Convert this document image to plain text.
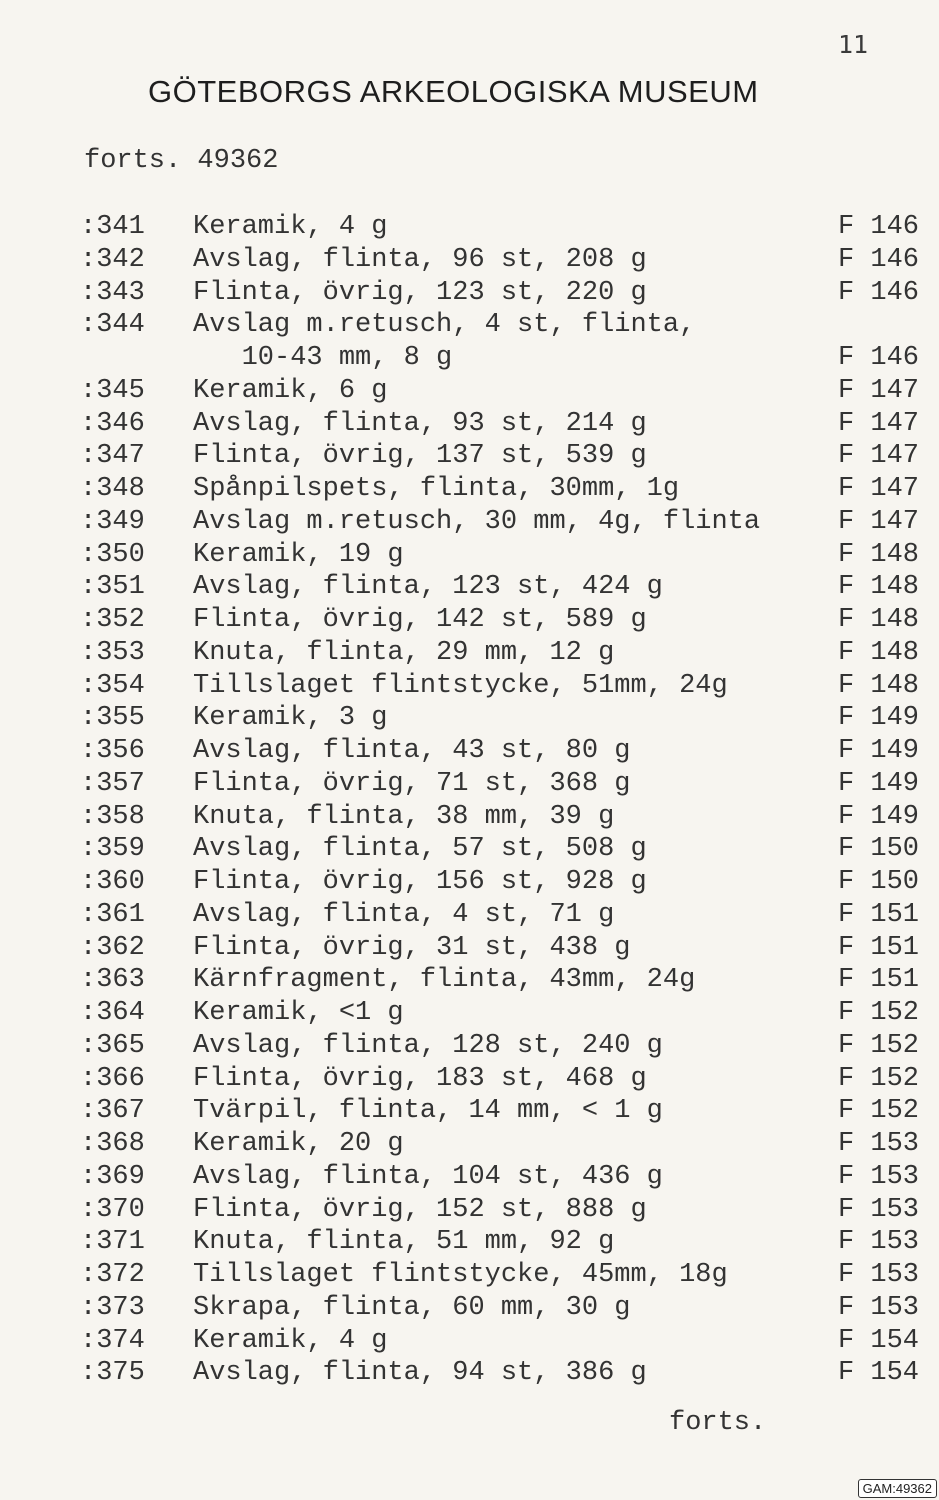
11
GÖTEBORGS ARKEOLOGISKA MUSEUM
forts. 49362
:341 Keramik, 4 g	F 146
:342 Avslag, flinta, 96 st, 208 g	F 146
:343 Flinta, övrig, 123 st, 220 g	F 146
:344 Avslag m.retusch, 4 st, flinta,
10-43 mm, 8 g	F 146
:345 Keramik, 6 g	F 147
:346 Avslag, flinta, 93 st, 214 g	F 147
:347 Flinta, övrig, 137 st, 539 g	F 147
:348 Spånpilspets, flinta, 30mm, 1g	F 147
:349 Avslag m.retusch, 30 mm, 4g, flinta	F 147
:350 Keramik, 19 g	F 148
:351 Avslag, flinta, 123 st, 424 g	F 148
:352 Flinta, övrig, 142 st, 589 g	F 148
:353 Knuta, flinta, 29 mm, 12 g	F 148
:354 Tillslaget flintstycke, 51mm, 24g	F 148
:355 Keramik, 3 g	F 149
:356 Avslag, flinta, 43 st, 80 g	F 149
:357 Flinta, övrig, 71 st, 368 g	F 149
:358 Knuta, flinta, 38 mm, 39 g	F 149
:359 Avslag, flinta, 57 st, 508 g	F 150
:360 Flinta, övrig, 156 st, 928 g	F 150
:361 Avslag, flinta, 4 st, 71 g	F 151
:362 Flinta, övrig, 31 st, 438 g	F 151
:363 Kärnfragment, flinta, 43mm, 24g	F 151
:364 Keramik, <1 g	F 152
:365 Avslag, flinta, 128 st, 240 g	F 152
:366 Flinta, övrig, 183 st, 468 g	F 152
:367 Tvärpil, flinta, 14 mm, < 1 g	F 152
:368 Keramik, 20 g	F 153
:369 Avslag, flinta, 104 st, 436 g	F 153
:370 Flinta, övrig, 152 st, 888 g	F 153
:371 Knuta, flinta, 51 mm, 92 g	F 153
:372 Tillslaget flintstycke, 45mm, 18g	F 153
:373 Skrapa, flinta, 60 mm, 30 g	F 153
:374 Keramik, 4 g	F 154
:375 Avslag, flinta, 94 st, 386 g	F 154
forts.
GAM:49362
